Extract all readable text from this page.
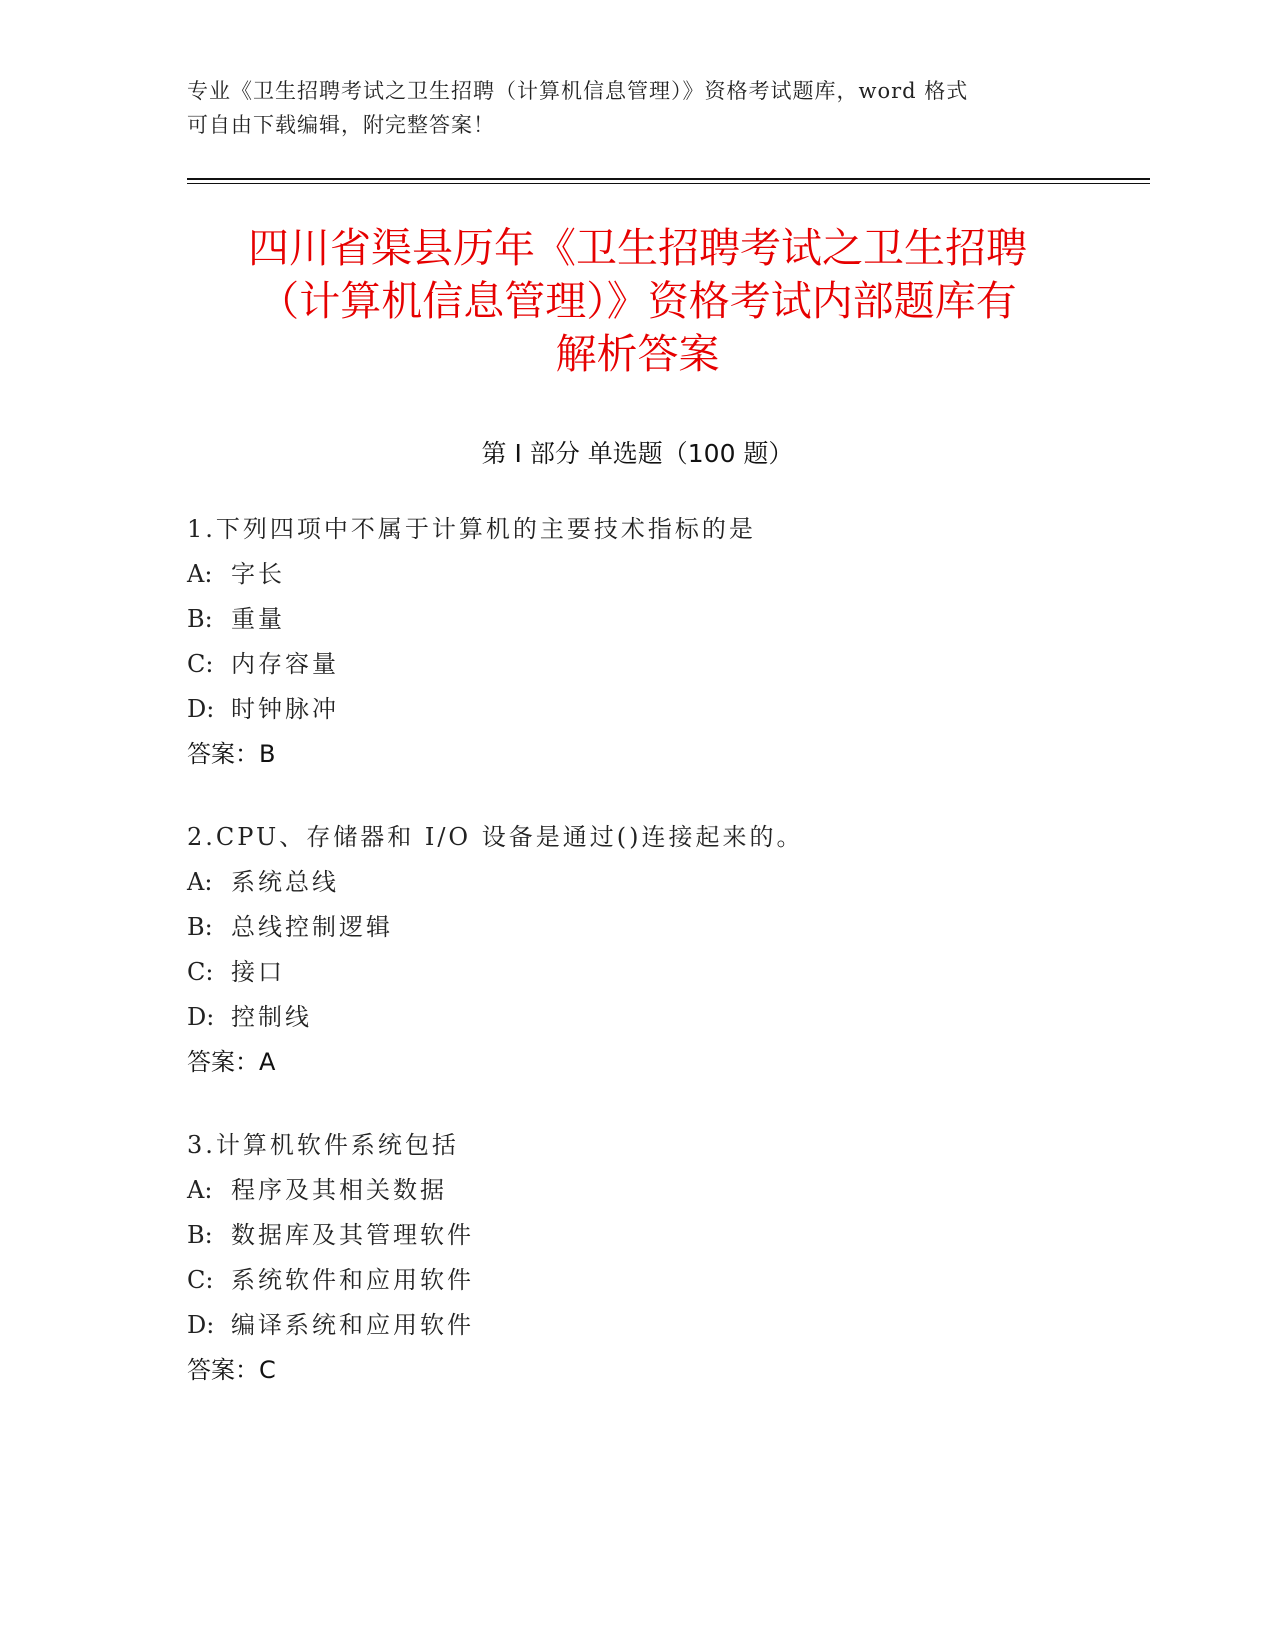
专业《卫生招聘考试之卫生招聘（计算机信息管理）》资格考试题库，word 格式
可自由下载编辑，附完整答案！
四川省渠县历年《卫生招聘考试之卫生招聘
（计算机信息管理）》资格考试内部题库有
解析答案
第 I 部分 单选题（100 题）
1.下列四项中不属于计算机的主要技术指标的是
A: 字长
B: 重量
C: 内存容量
D: 时钟脉冲
答案：B
2.CPU、存储器和 I/O 设备是通过()连接起来的。
A: 系统总线
B: 总线控制逻辑
C: 接口
D: 控制线
答案：A
3.计算机软件系统包括
A: 程序及其相关数据
B: 数据库及其管理软件
C: 系统软件和应用软件
D: 编译系统和应用软件
答案：C
